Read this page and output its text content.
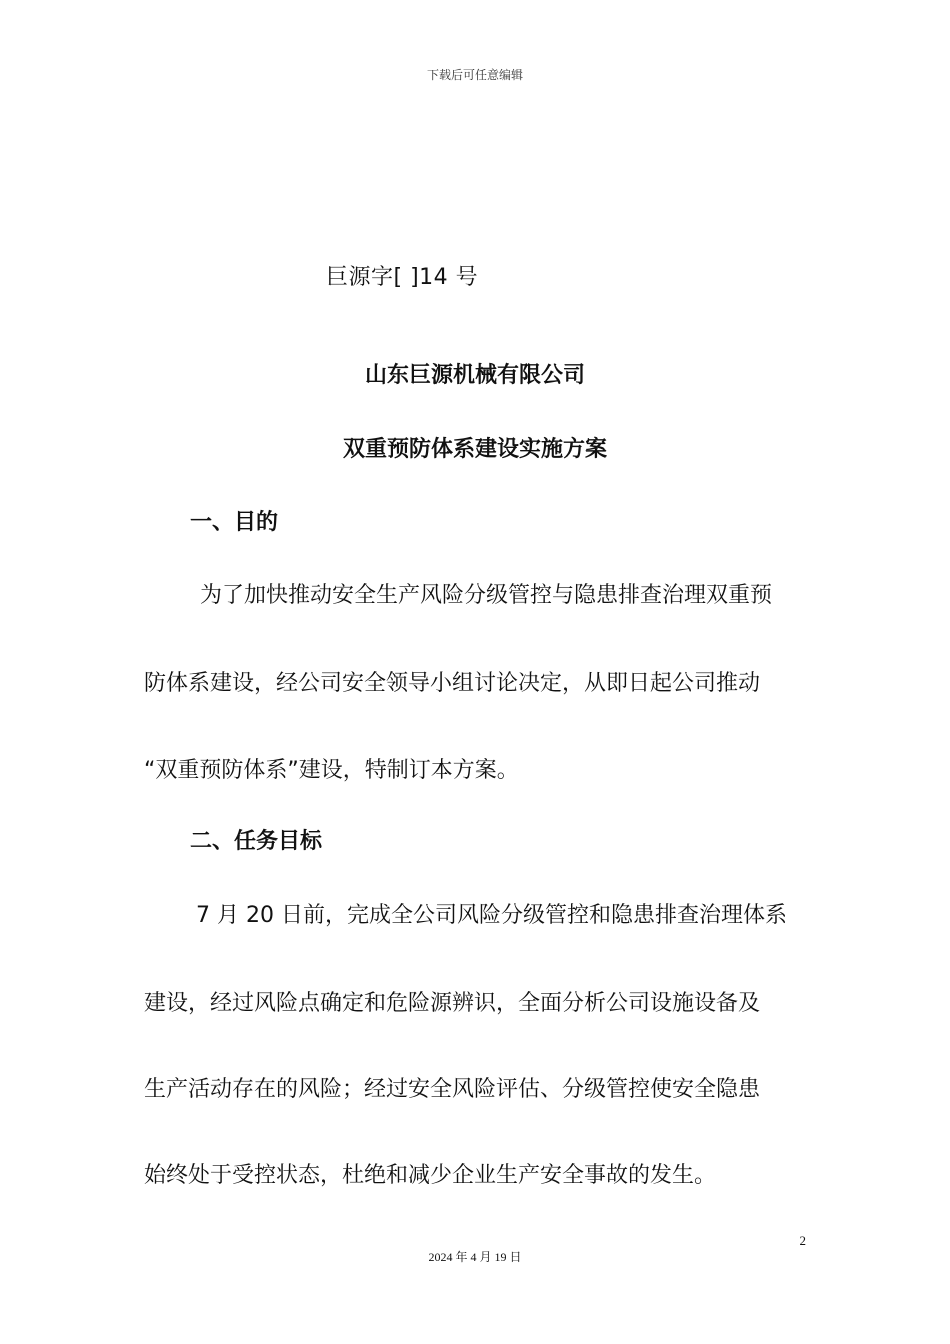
下载后可任意编辑
巨源字[ ]14 号
山东巨源机械有限公司
双重预防体系建设实施方案
一、目的
为了加快推动安全生产风险分级管控与隐患排查治理双重预
防体系建设，经公司安全领导小组讨论决定，从即日起公司推动
“双重预防体系”建设，特制订本方案。
二、任务目标
7 月 20 日前，完成全公司风险分级管控和隐患排查治理体系
建设，经过风险点确定和危险源辨识，全面分析公司设施设备及
生产活动存在的风险；经过安全风险评估、分级管控使安全隐患
始终处于受控状态，杜绝和减少企业生产安全事故的发生。
2
2024 年 4 月 19 日
